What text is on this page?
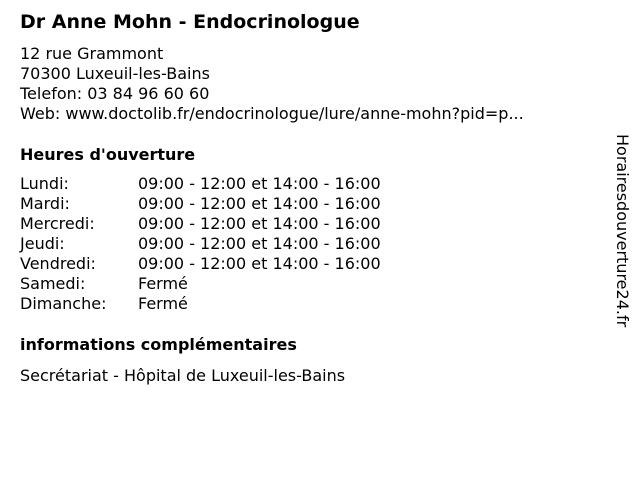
Dr Anne Mohn - Endocrinologue
12 rue Grammont
70300 Luxeuil-les-Bains
Telefon: 03 84 96 60 60
Web: www.doctolib.fr/endocrinologue/lure/anne-mohn?pid=p...
Heures d'ouverture
Lundi:	09:00 - 12:00 et 14:00 - 16:00
Mardi:	09:00 - 12:00 et 14:00 - 16:00
Mercredi:	09:00 - 12:00 et 14:00 - 16:00
Jeudi:	09:00 - 12:00 et 14:00 - 16:00
Vendredi:	09:00 - 12:00 et 14:00 - 16:00
Samedi:	Fermé
Dimanche:	Fermé
informations complémentaires
Secrétariat - Hôpital de Luxeuil-les-Bains
Horairesdouverture24.fr
